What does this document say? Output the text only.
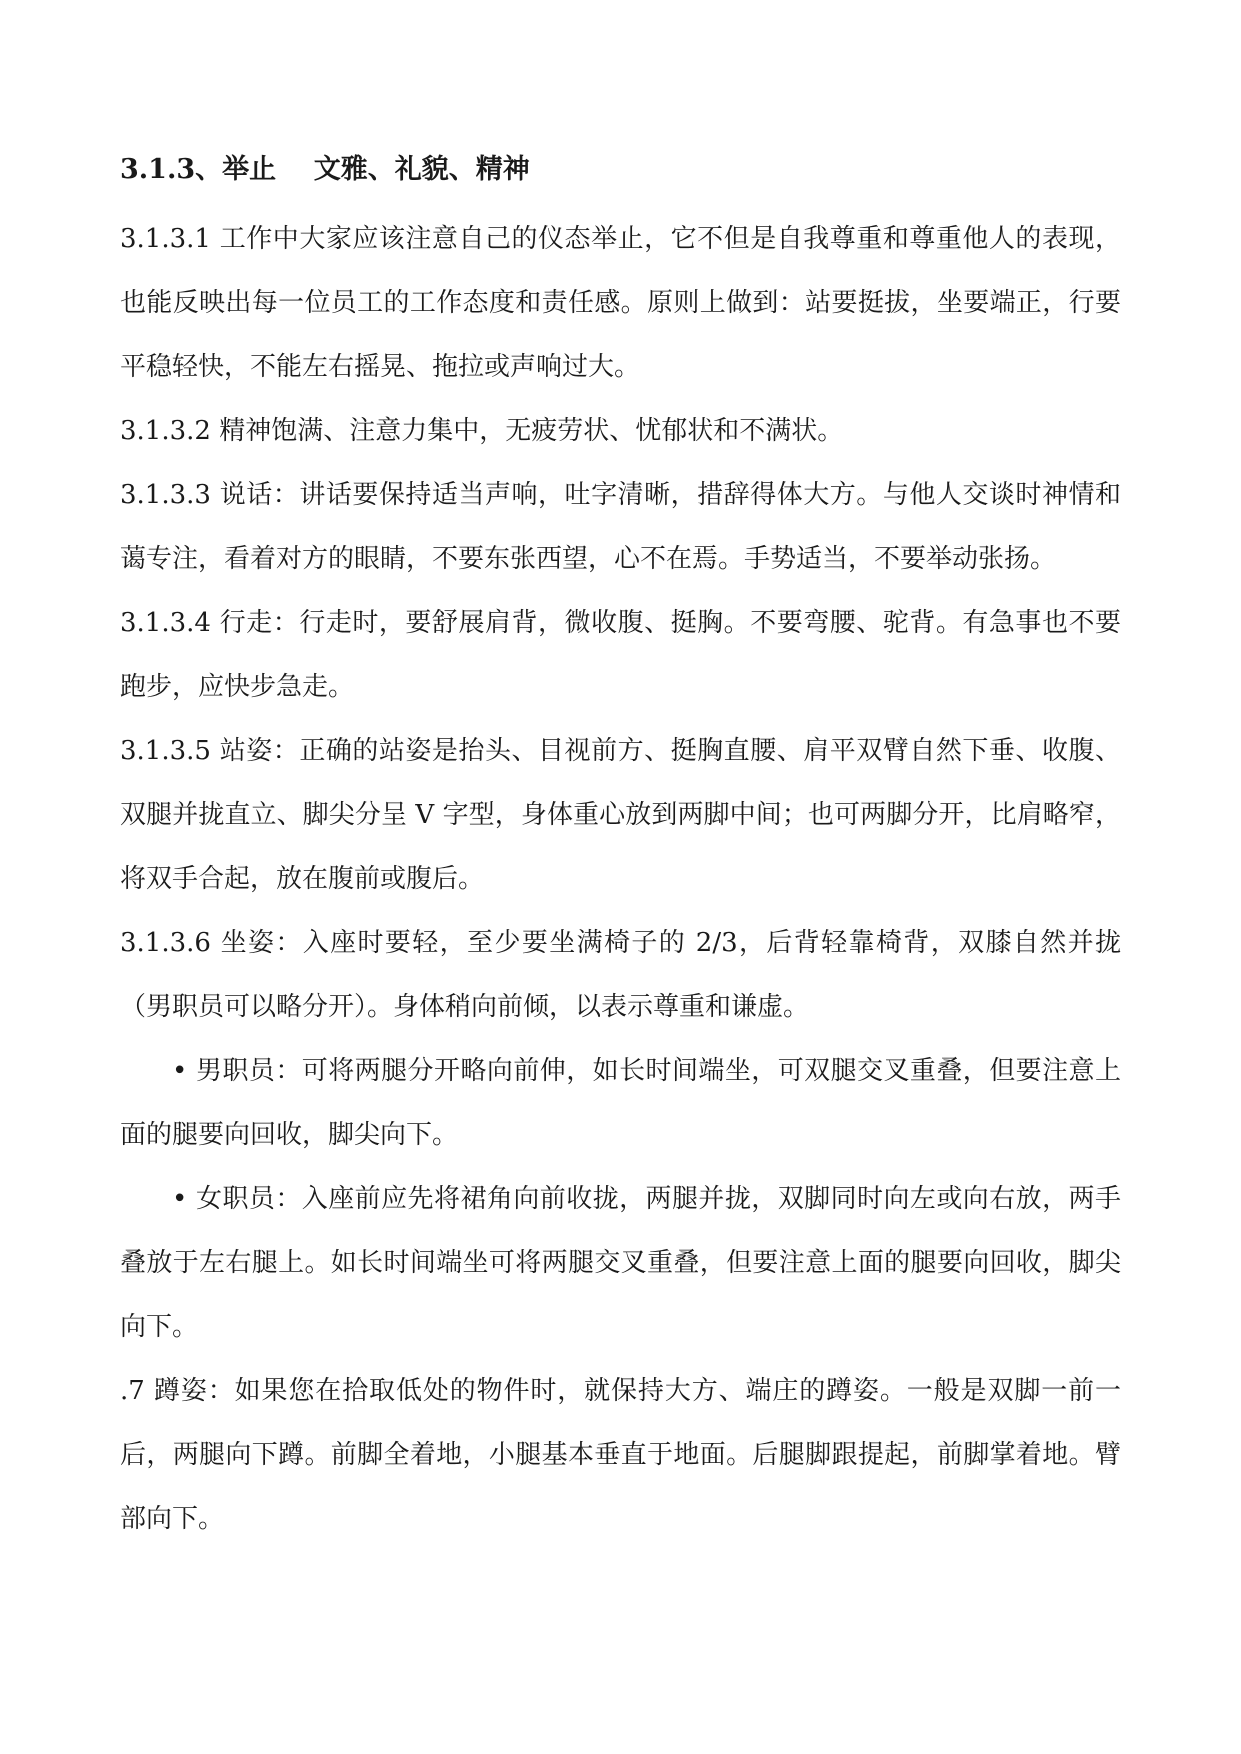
3.1.3、举止    文雅、礼貌、精神

3.1.3.1 工作中大家应该注意自己的仪态举止，它不但是自我尊重和尊重他人的表现，也能反映出每一位员工的工作态度和责任感。原则上做到：站要挺拔，坐要端正，行要平稳轻快，不能左右摇晃、拖拉或声响过大。

3.1.3.2 精神饱满、注意力集中，无疲劳状、忧郁状和不满状。

3.1.3.3 说话：讲话要保持适当声响，吐字清晰，措辞得体大方。与他人交谈时神情和蔼专注，看着对方的眼睛，不要东张西望，心不在焉。手势适当，不要举动张扬。

3.1.3.4 行走：行走时，要舒展肩背，微收腹、挺胸。不要弯腰、驼背。有急事也不要跑步，应快步急走。

3.1.3.5 站姿：正确的站姿是抬头、目视前方、挺胸直腰、肩平双臂自然下垂、收腹、双腿并拢直立、脚尖分呈 V 字型，身体重心放到两脚中间；也可两脚分开，比肩略窄，将双手合起，放在腹前或腹后。

3.1.3.6 坐姿：入座时要轻，至少要坐满椅子的 2/3，后背轻靠椅背，双膝自然并拢（男职员可以略分开）。身体稍向前倾，以表示尊重和谦虚。

• 男职员：可将两腿分开略向前伸，如长时间端坐，可双腿交叉重叠，但要注意上面的腿要向回收，脚尖向下。

• 女职员：入座前应先将裙角向前收拢，两腿并拢，双脚同时向左或向右放，两手叠放于左右腿上。如长时间端坐可将两腿交叉重叠，但要注意上面的腿要向回收，脚尖向下。

.7 蹲姿：如果您在拾取低处的物件时，就保持大方、端庄的蹲姿。一般是双脚一前一后，两腿向下蹲。前脚全着地，小腿基本垂直于地面。后腿脚跟提起，前脚掌着地。臂部向下。
